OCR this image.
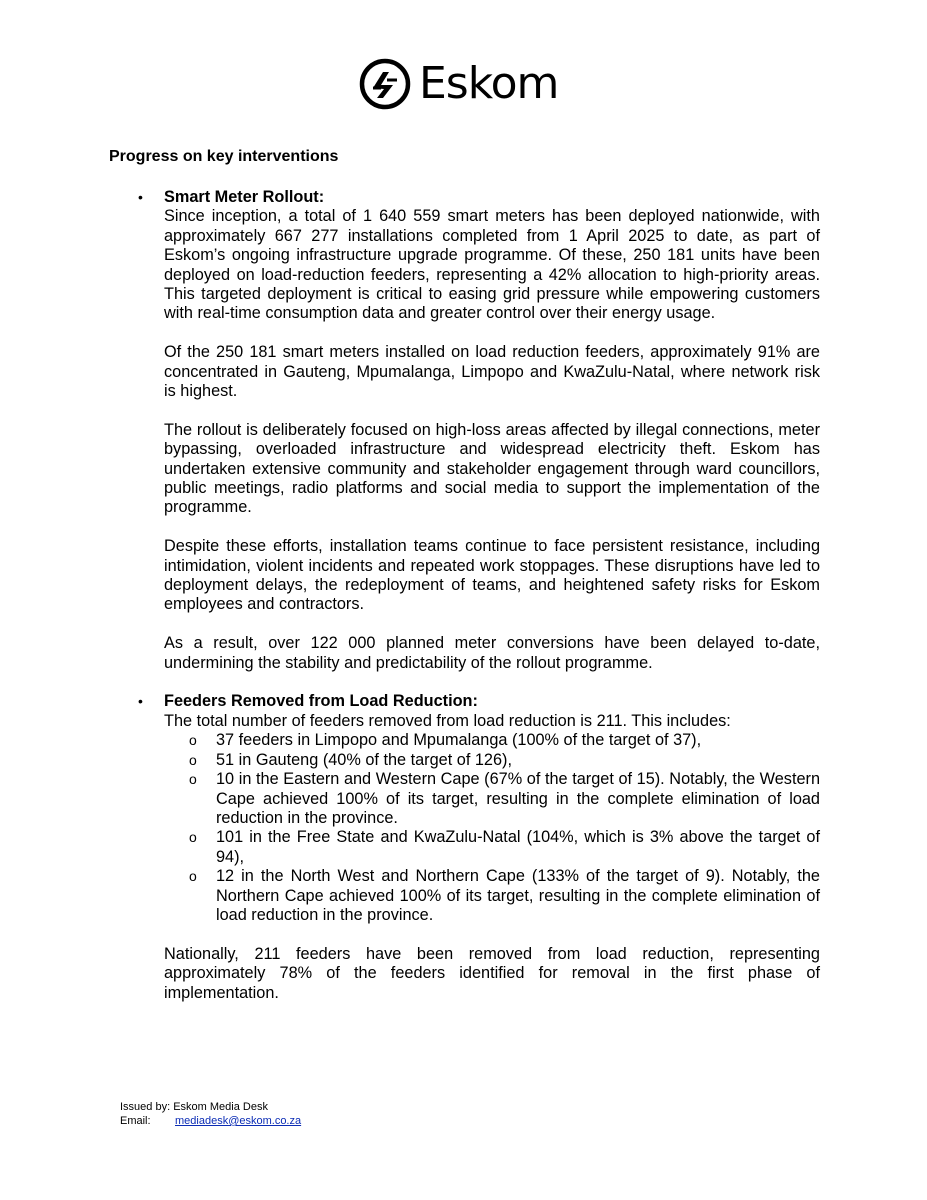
Eskom
Progress on key interventions
• Smart Meter Rollout:

Since inception, a total of 1 640 559 smart meters has been deployed nationwide, with approximately 667 277 installations completed from 1 April 2025 to date, as part of Eskom’s ongoing infrastructure upgrade programme. Of these, 250 181 units have been deployed on load-reduction feeders, representing a 42% allocation to high-priority areas. This targeted deployment is critical to easing grid pressure while empowering customers with real-time consumption data and greater control over their energy usage.

Of the 250 181 smart meters installed on load reduction feeders, approximately 91% are concentrated in Gauteng, Mpumalanga, Limpopo and KwaZulu-Natal, where network risk is highest.

The rollout is deliberately focused on high-loss areas affected by illegal connections, meter bypassing, overloaded infrastructure and widespread electricity theft. Eskom has undertaken extensive community and stakeholder engagement through ward councillors, public meetings, radio platforms and social media to support the implementation of the programme.

Despite these efforts, installation teams continue to face persistent resistance, including intimidation, violent incidents and repeated work stoppages. These disruptions have led to deployment delays, the redeployment of teams, and heightened safety risks for Eskom employees and contractors.

As a result, over 122 000 planned meter conversions have been delayed to-date, undermining the stability and predictability of the rollout programme.

• Feeders Removed from Load Reduction:
The total number of feeders removed from load reduction is 211. This includes:
o 37 feeders in Limpopo and Mpumalanga (100% of the target of 37),
o 51 in Gauteng (40% of the target of 126),
o 10 in the Eastern and Western Cape (67% of the target of 15). Notably, the Western Cape achieved 100% of its target, resulting in the complete elimination of load reduction in the province.
o 101 in the Free State and KwaZulu-Natal (104%, which is 3% above the target of 94),
o 12 in the North West and Northern Cape (133% of the target of 9). Notably, the Northern Cape achieved 100% of its target, resulting in the complete elimination of load reduction in the province.

Nationally, 211 feeders have been removed from load reduction, representing approximately 78% of the feeders identified for removal in the first phase of implementation.

Issued by: Eskom Media Desk
Email:	mediadesk@eskom.co.za
